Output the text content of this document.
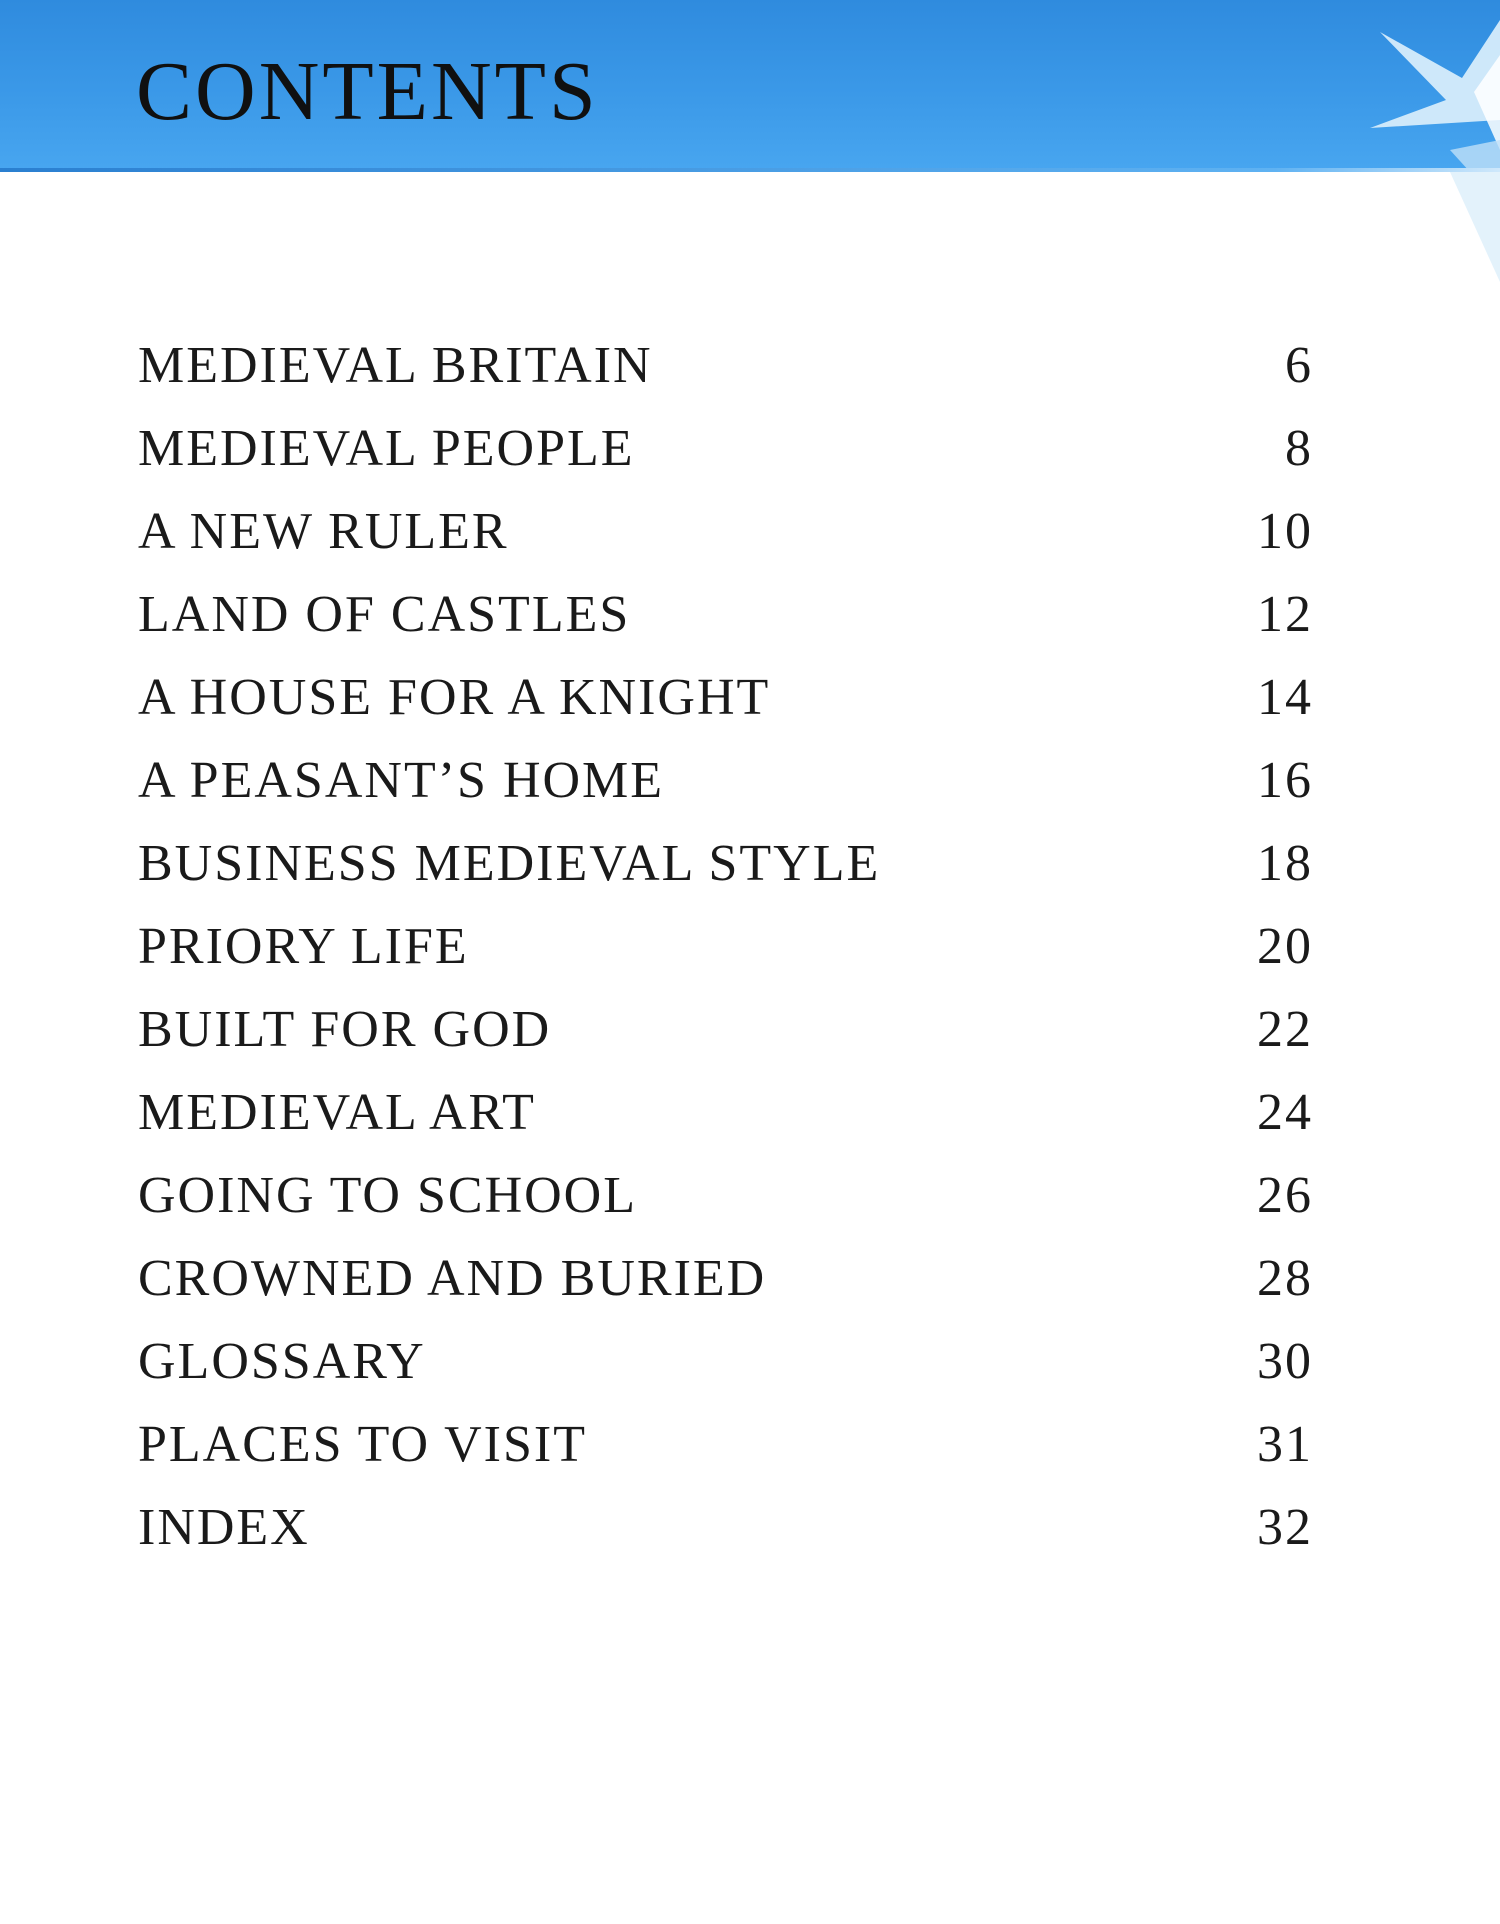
CONTENTS
MEDIEVAL BRITAIN	6
MEDIEVAL PEOPLE	8
A NEW RULER	10
LAND OF CASTLES	12
A HOUSE FOR A KNIGHT	14
A PEASANT’S HOME	16
BUSINESS MEDIEVAL STYLE	18
PRIORY LIFE	20
BUILT FOR GOD	22
MEDIEVAL ART	24
GOING TO SCHOOL	26
CROWNED AND BURIED	28
GLOSSARY	30
PLACES TO VISIT	31
INDEX	32
